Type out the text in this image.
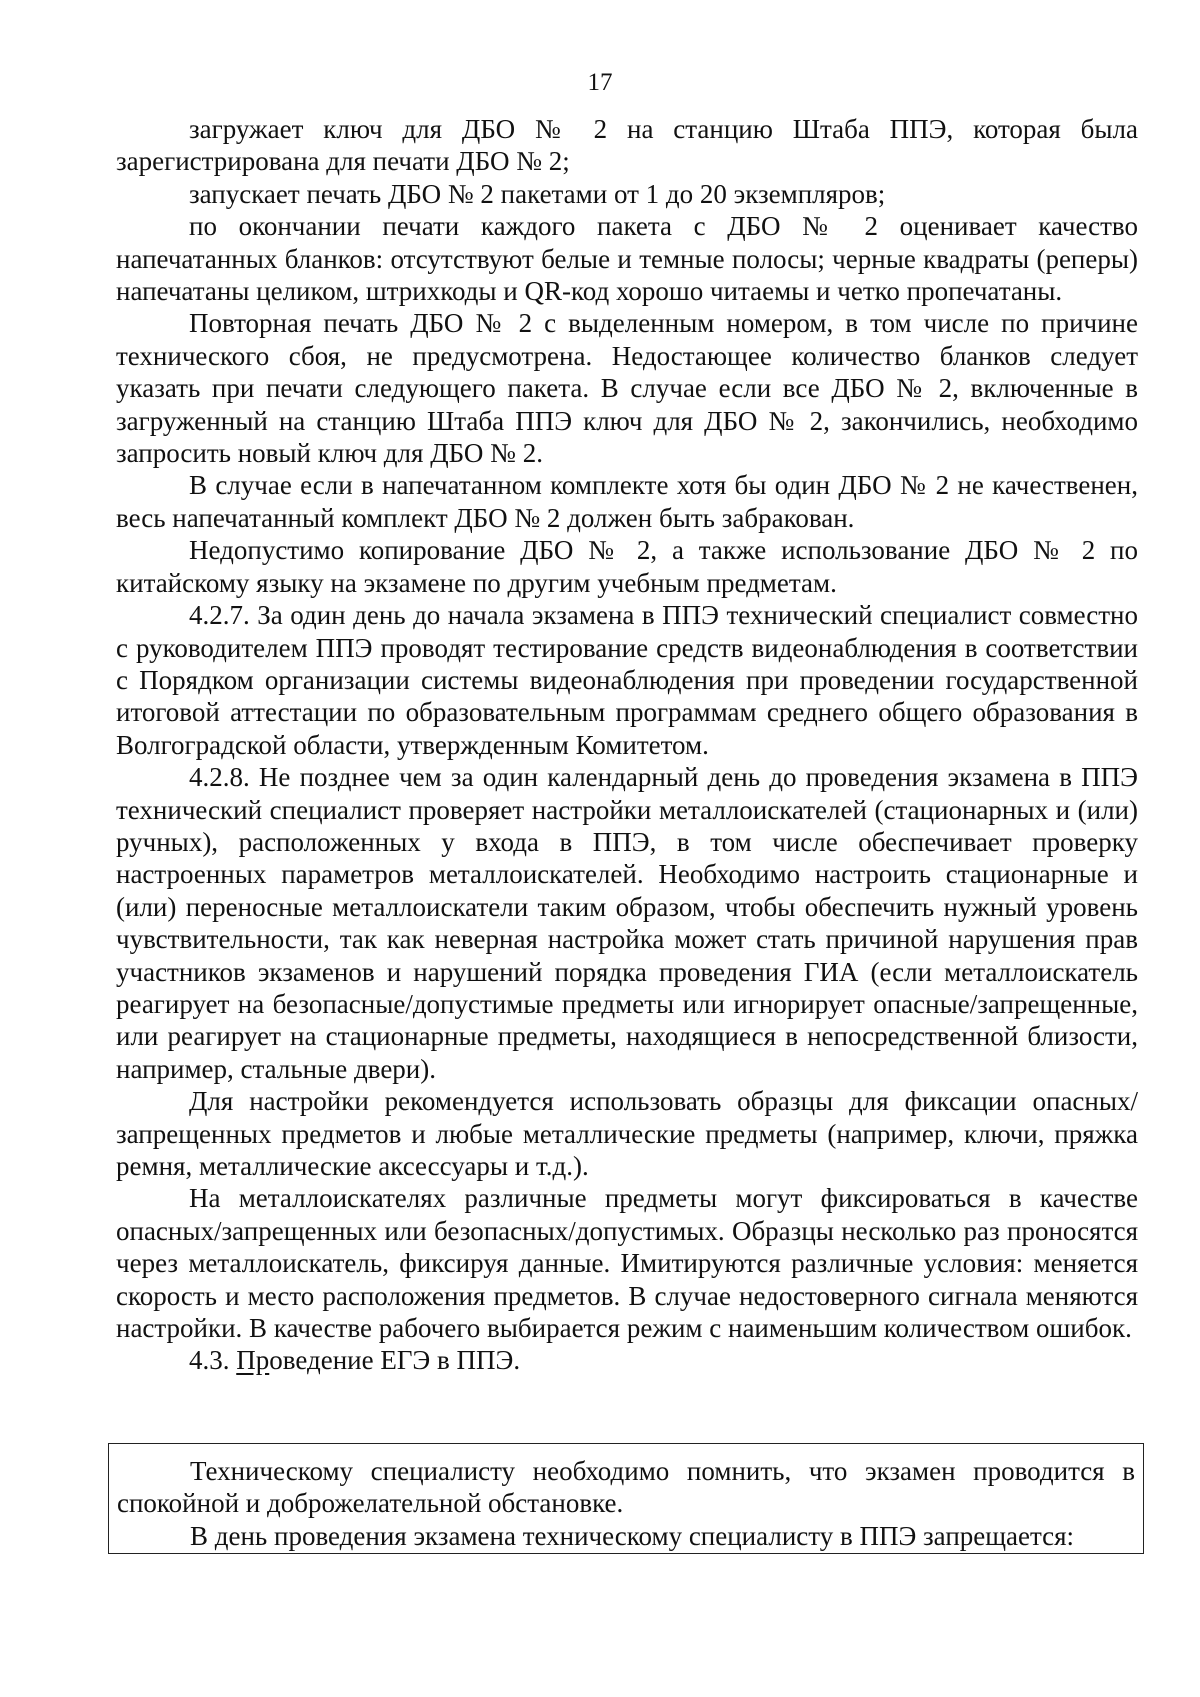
17

загружает ключ для ДБО № 2 на станцию Штаба ППЭ, которая была зарегистрирована для печати ДБО № 2;

запускает печать ДБО № 2 пакетами от 1 до 20 экземпляров;

по окончании печати каждого пакета с ДБО № 2 оценивает качество напечатанных бланков: отсутствуют белые и темные полосы; черные квадраты (реперы) напечатаны целиком, штрихкоды и QR-код хорошо читаемы и четко пропечатаны.

Повторная печать ДБО № 2 с выделенным номером, в том числе по причине технического сбоя, не предусмотрена. Недостающее количество бланков следует указать при печати следующего пакета. В случае если все ДБО № 2, включенные в загруженный на станцию Штаба ППЭ ключ для ДБО № 2, закончились, необходимо запросить новый ключ для ДБО № 2.

В случае если в напечатанном комплекте хотя бы один ДБО № 2 не качественен, весь напечатанный комплект ДБО № 2 должен быть забракован.

Недопустимо копирование ДБО № 2, а также использование ДБО № 2 по китайскому языку на экзамене по другим учебным предметам.

4.2.7. За один день до начала экзамена в ППЭ технический специалист совместно с руководителем ППЭ проводят тестирование средств видеонаблюдения в соответствии с Порядком организации системы видеонаблюдения при проведении государственной итоговой аттестации по образовательным программам среднего общего образования в Волгоградской области, утвержденным Комитетом.

4.2.8. Не позднее чем за один календарный день до проведения экзамена в ППЭ технический специалист проверяет настройки металлоискателей (стационарных и (или) ручных), расположенных у входа в ППЭ, в том числе обеспечивает проверку настроенных параметров металлоискателей. Необходимо настроить стационарные и (или) переносные металлоискатели таким образом, чтобы обеспечить нужный уровень чувствительности, так как неверная настройка может стать причиной нарушения прав участников экзаменов и нарушений порядка проведения ГИА (если металлоискатель реагирует на безопасные/допустимые предметы или игнорирует опасные/запрещенные, или реагирует на стационарные предметы, находящиеся в непосредственной близости, например, стальные двери).

Для настройки рекомендуется использовать образцы для фиксации опасных/запрещенных предметов и любые металлические предметы (например, ключи, пряжка ремня, металлические аксессуары и т.д.).

На металлоискателях различные предметы могут фиксироваться в качестве опасных/запрещенных или безопасных/допустимых. Образцы несколько раз проносятся через металлоискатель, фиксируя данные. Имитируются различные условия: меняется скорость и место расположения предметов. В случае недостоверного сигнала меняются настройки. В качестве рабочего выбирается режим с наименьшим количеством ошибок.

4.3. Проведение ЕГЭ в ППЭ.

Техническому специалисту необходимо помнить, что экзамен проводится в спокойной и доброжелательной обстановке.

В день проведения экзамена техническому специалисту в ППЭ запрещается:
